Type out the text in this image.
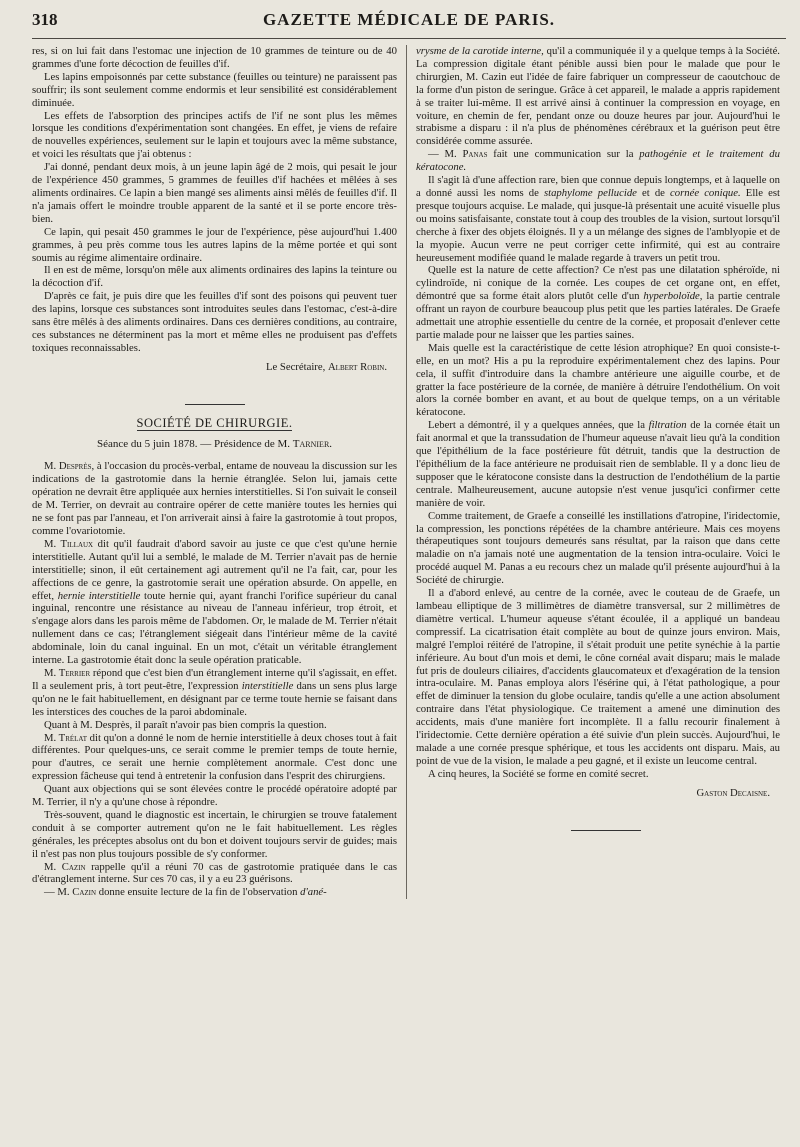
318	GAZETTE MÉDICALE DE PARIS.

res, si on lui fait dans l'estomac une injection de 10 grammes de teinture ou de 40 grammes d'une forte décoction de feuilles d'if.

Les lapins empoisonnés par cette substance (feuilles ou teinture) ne paraissent pas souffrir; ils sont seulement comme endormis et leur sensibilité est considérablement diminuée.

Les effets de l'absorption des principes actifs de l'if ne sont plus les mêmes lorsque les conditions d'expérimentation sont changées. En effet, je viens de refaire de nouvelles expériences, seulement sur le lapin et toujours avec la même substance, et voici les résultats que j'ai obtenus :

J'ai donné, pendant deux mois, à un jeune lapin âgé de 2 mois, qui pesait le jour de l'expérience 450 grammes, 5 grammes de feuilles d'if hachées et mêlées à ses aliments ordinaires. Ce lapin a bien mangé ses aliments ainsi mêlés de feuilles d'if. Il n'a jamais offert le moindre trouble apparent de la santé et il se porte encore très-bien.

Ce lapin, qui pesait 450 grammes le jour de l'expérience, pèse aujourd'hui 1.400 grammes, à peu près comme tous les autres lapins de la même portée et qui sont soumis au régime alimentaire ordinaire.

Il en est de même, lorsqu'on mêle aux aliments ordinaires des lapins la teinture ou la décoction d'if.

D'après ce fait, je puis dire que les feuilles d'if sont des poisons qui peuvent tuer des lapins, lorsque ces substances sont introduites seules dans l'estomac, c'est-à-dire sans être mêlés à des aliments ordinaires. Dans ces dernières conditions, au contraire, ces substances ne déterminent pas la mort et même elles ne produisent pas d'effets toxiques reconnaissables.

Le Secrétaire, Albert Robin.
SOCIÉTÉ DE CHIRURGIE.
Séance du 5 juin 1878. — Présidence de M. Tarnier.

M. Desprès, à l'occasion du procès-verbal, entame de nouveau la discussion sur les indications de la gastrotomie dans la hernie étranglée. Selon lui, jamais cette opération ne devrait être appliquée aux hernies interstitielles. Si l'on suivait le conseil de M. Terrier, on devrait au contraire opérer de cette manière toutes les hernies qui ne se font pas par l'anneau, et l'on arriverait ainsi à faire la gastrotomie à tout propos, comme l'ovariotomie.

M. Tillaux dit qu'il faudrait d'abord savoir au juste ce que c'est qu'une hernie interstitielle. Autant qu'il lui a semblé, le malade de M. Terrier n'avait pas de hernie interstitielle; sinon, il eût certainement agi autrement qu'il ne l'a fait, car, pour les affections de ce genre, la gastrotomie serait une opération absurde. On appelle, en effet, hernie interstitielle toute hernie qui, ayant franchi l'orifice supérieur du canal inguinal, rencontre une résistance au niveau de l'anneau inférieur, trop étroit, et s'engage alors dans les parois même de l'abdomen. Or, le malade de M. Terrier n'était nullement dans ce cas; l'étranglement siégeait dans l'intérieur même de la cavité abdominale, loin du canal inguinal. En un mot, c'était un véritable étranglement interne. La gastrotomie était donc la seule opération praticable.

M. Terrier répond que c'est bien d'un étranglement interne qu'il s'agissait, en effet. Il a seulement pris, à tort peut-être, l'expression interstitielle dans un sens plus large qu'on ne le fait habituellement, en désignant par ce terme toute hernie se faisant dans les interstices des couches de la paroi abdominale.

Quant à M. Desprès, il paraît n'avoir pas bien compris la question.

M. Trélat dit qu'on a donné le nom de hernie interstitielle à deux choses tout à fait différentes. Pour quelques-uns, ce serait comme le premier temps de toute hernie, pour d'autres, ce serait une hernie complètement anormale. C'est donc une expression fâcheuse qui tend à entretenir la confusion dans l'esprit des chirurgiens.

Quant aux objections qui se sont élevées contre le procédé opératoire adopté par M. Terrier, il n'y a qu'une chose à répondre.

Très-souvent, quand le diagnostic est incertain, le chirurgien se trouve fatalement conduit à se comporter autrement qu'on ne le fait habituellement. Les règles générales, les préceptes absolus ont du bon et doivent toujours servir de guides; mais il n'est pas non plus toujours possible de s'y conformer.

M. Cazin rappelle qu'il a réuni 70 cas de gastrotomie pratiquée dans le cas d'étranglement interne. Sur ces 70 cas, il y a eu 23 guérisons.

— M. Cazin donne ensuite lecture de la fin de l'observation d'ané-

vrysme de la carotide interne, qu'il a communiquée il y a quelque temps à la Société. La compression digitale étant pénible aussi bien pour le malade que pour le chirurgien, M. Cazin eut l'idée de faire fabriquer un compresseur de caoutchouc de la forme d'un piston de seringue. Grâce à cet appareil, le malade a appris rapidement à se traiter lui-même. Il est arrivé ainsi à continuer la compression en voyage, en voiture, en chemin de fer, pendant onze ou douze heures par jour. Aujourd'hui le strabisme a disparu : il n'a plus de phénomènes cérébraux et la guérison peut être considérée comme assurée.

— M. Panas fait une communication sur la pathogénie et le traitement du kératocone.

Il s'agit là d'une affection rare, bien que connue depuis longtemps, et à laquelle on a donné aussi les noms de staphylome pellucide et de cornée conique. Elle est presque toujours acquise. Le malade, qui jusque-là présentait une acuité visuelle plus ou moins satisfaisante, constate tout à coup des troubles de la vision, surtout lorsqu'il cherche à fixer des objets éloignés. Il y a un mélange des signes de l'amblyopie et de la myopie. Aucun verre ne peut corriger cette infirmité, qui est au contraire heureusement modifiée quand le malade regarde à travers un petit trou.

Quelle est la nature de cette affection? Ce n'est pas une dilatation sphéroïde, ni cylindroïde, ni conique de la cornée. Les coupes de cet organe ont, en effet, démontré que sa forme était alors plutôt celle d'un hyperboloïde, la partie centrale offrant un rayon de courbure beaucoup plus petit que les parties latérales. De Graefe admettait une atrophie essentielle du centre de la cornée, et proposait d'enlever cette partie malade pour ne laisser que les parties saines.

Mais quelle est la caractéristique de cette lésion atrophique? En quoi consiste-t-elle, en un mot? His a pu la reproduire expérimentalement chez des lapins. Pour cela, il suffit d'introduire dans la chambre antérieure une aiguille courbe, et de gratter la face postérieure de la cornée, de manière à détruire l'endothélium. On voit alors la cornée bomber en avant, et au bout de quelque temps, on a un véritable kératocone.

Lebert a démontré, il y a quelques années, que la filtration de la cornée était un fait anormal et que la transsudation de l'humeur aqueuse n'avait lieu qu'à la condition que l'épithélium de la face postérieure fût détruit, tandis que la destruction de l'épithélium de la face antérieure ne produisait rien de semblable. Il y a donc lieu de supposer que le kératocone consiste dans la destruction de l'endothélium de la partie centrale. Malheureusement, aucune autopsie n'est venue jusqu'ici confirmer cette manière de voir.

Comme traitement, de Graefe a conseillé les instillations d'atropine, l'iridectomie, la compression, les ponctions répétées de la chambre antérieure. Mais ces moyens thérapeutiques sont toujours demeurés sans résultat, par la raison que dans cette maladie on n'a jamais noté une augmentation de la tension intra-oculaire. Voici le procédé auquel M. Panas a eu recours chez un malade qu'il présente aujourd'hui à la Société de chirurgie.

Il a d'abord enlevé, au centre de la cornée, avec le couteau de de Graefe, un lambeau elliptique de 3 millimètres de diamètre transversal, sur 2 millimètres de diamètre vertical. L'humeur aqueuse s'étant écoulée, il a appliqué un bandeau compressif. La cicatrisation était complète au bout de quinze jours environ. Mais, malgré l'emploi réitéré de l'atropine, il s'était produit une petite synéchie à la partie inférieure. Au bout d'un mois et demi, le cône cornéal avait disparu; mais le malade fut pris de douleurs ciliaires, d'accidents glaucomateux et d'exagération de la tension intra-oculaire. M. Panas employa alors l'ésérine qui, à l'état pathologique, a pour effet de diminuer la tension du globe oculaire, tandis qu'elle a une action absolument contraire dans l'état physiologique. Ce traitement a amené une diminution des accidents, mais d'une manière fort incomplète. Il a fallu recourir finalement à l'iridectomie. Cette dernière opération a été suivie d'un plein succès. Aujourd'hui, le malade a une cornée presque sphérique, et tous les accidents ont disparu. Mais, au point de vue de la vision, le malade a peu gagné, et il existe un leucome central.

A cinq heures, la Société se forme en comité secret.

Gaston Decaisne.
